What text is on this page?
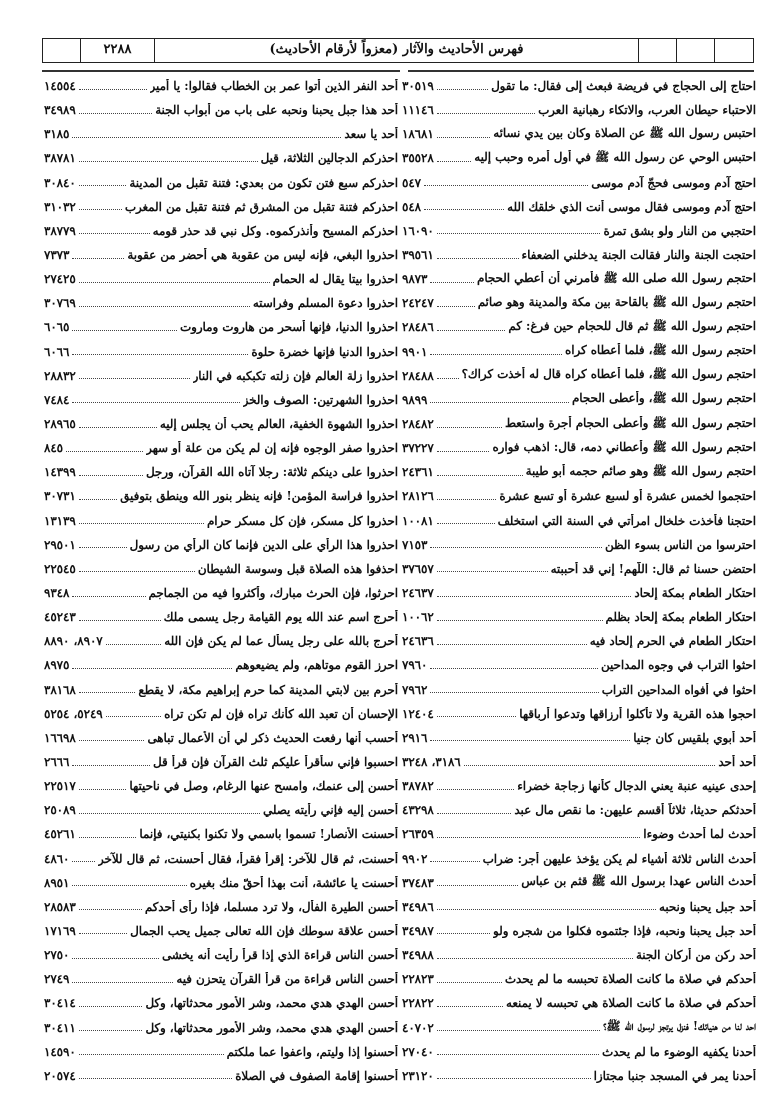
٢٢٨٨	فهرس الأحاديث والآثار (معزواً لأرقام الأحاديث)
احتاج إلى الحجاج في فريضة فبعث إلى فقال: ما تقول
٣٠٥١٩
الاحتباء حيطان العرب، والاتكاء رهبانية العرب
١١١٤٦
احتبس رسول الله ﷺ عن الصلاة وكان بين يدي نسائه
١٨٦٨١
احتبس الوحي عن رسول الله ﷺ في أول أمره وحبب إليه
٣٥٥٢٨
احتج آدم وموسى فحجّ آدم موسى
٥٤٧
احتج آدم وموسى فقال موسى أنت الذي خلقك الله
٥٤٨
احتجبي من النار ولو بشق تمرة
١٦٠٩٠
احتجت الجنة والنار فقالت الجنة يدخلني الضعفاء
٣٩٥٦١
احتجم رسول الله صلى الله ﷺ فأمرني أن أعطي الحجام
٩٨٧٣
احتجم رسول الله ﷺ بالقاحة بين مكة والمدينة وهو صائم
٢٤٢٤٧
احتجم رسول الله ﷺ ثم قال للحجام حين فرغ: كم
٢٨٤٨٦
احتجم رسول الله ﷺ، فلما أعطاه كراه
٩٩٠١
احتجم رسول الله ﷺ، فلما أعطاه كراه قال له أخذت كراك؟
٢٨٤٨٨
احتجم رسول الله ﷺ، وأعطى الحجام
٩٨٩٩
احتجم رسول الله ﷺ وأعطى الحجام أجرة واستعط
٢٨٤٨٢
احتجم رسول الله ﷺ وأعطاني دمه، قال: اذهب فواره
٣٧٢٢٧
احتجم رسول الله ﷺ وهو صائم حجمه أبو طيبة
٢٤٣٦١
احتجموا لخمس عشرة أو لسبع عشرة أو تسع عشرة
٢٨١٢٦
احتجنا فأخذت خلخال امرأتي في السنة التي استخلف
١٠٠٨١
احترسوا من الناس بسوء الظن
٧١٥٣
احتضن حسنا ثم قال: اللّهم! إني قد أحببته
٣٧٦٥٧
احتكار الطعام بمكة إلحاد
٢٤٦٣٧
احتكار الطعام بمكة إلحاد بظلم
١٠٠٦٢
احتكار الطعام في الحرم إلحاد فيه
٢٤٦٣٦
احثوا التراب في وجوه المداحين
٧٩٦٠
احثوا في أفواه المداحين التراب
٧٩٦٢
احجوا هذه القرية ولا تأكلوا أرزاقها وتدعوا أرباقها
١٢٤٠٤
أحد أبوي بلقيس كان جنيا
٢٩١٦
أحد أحد
٣١٨٦، ٣٢٤٨
إحدى عينيه عنبة يعني الدجال كأنها زجاجة خضراء
٣٨٧٨٢
أحدثكم حديثا، ثلاثاً أقسم عليهن: ما نقص مال عبد
٤٣٢٩٨
أحدث لما أحدث وضوءا
٢٦٣٥٩
أحدث الناس ثلاثة أشياء لم يكن يؤخذ عليهن أجر: ضراب
٩٩٠٢
أحدث الناس عهدا برسول الله ﷺ قثم بن عباس
٣٧٤٨٣
أحد جبل يحبنا ونحبه
٣٤٩٨٦
أحد جبل يحبنا ونحبه، فإذا جئتموه فكلوا من شجره ولو
٣٤٩٨٧
أحد ركن من أركان الجنة
٣٤٩٨٨
أحدكم في صلاة ما كانت الصلاة تحبسه ما لم يحدث
٢٢٨٢٣
أحدكم في صلاة ما كانت الصلاة هي تحبسه لا يمنعه
٢٢٨٢٢
احد لنا من هنيائك! فنزل يرتجز لرسول الله ﷺ؟
٤٠٧٠٢
أحدنا يكفيه الوضوء ما لم يحدث
٢٧٠٤٠
أحدنا يمر في المسجد جنبا مجتازا
٢٣١٢٠
أحد النفر الذين أتوا عمر بن الخطاب فقالوا: يا أمير
١٤٥٥٤
أحد هذا جبل يحبنا ونحبه على باب من أبواب الجنة
٣٤٩٨٩
أحد يا سعد
٣١٨٥
احذركم الدجالين الثلاثة، قيل
٣٨٧٨١
احذركم سبع فتن تكون من بعدي: فتنة تقبل من المدينة
٣٠٨٤٠
احذركم فتنة تقبل من المشرق ثم فتنة تقبل من المغرب
٣١٠٣٢
احذركم المسيح وأنذركموه. وكل نبي قد حذر قومه
٣٨٧٧٩
احذروا البغي، فإنه ليس من عقوبة هي أحضر من عقوبة
٧٣٧٣
احذروا بيتا يقال له الحمام
٢٧٤٢٥
احذروا دعوة المسلم وفراسته
٣٠٧٦٩
احذروا الدنيا، فإنها أسحر من هاروت وماروت
٦٠٦٥
احذروا الدنيا فإنها خضرة حلوة
٦٠٦٦
احذروا زلة العالم فإن زلته تكبكبه في النار
٢٨٨٣٢
احذروا الشهرتين: الصوف والخز
٧٤٨٤
احذروا الشهوة الخفية، العالم يحب أن يجلس إليه
٢٨٩٦٥
احذروا صفر الوجوه فإنه إن لم يكن من علة أو سهر
٨٤٥
احذروا على دينكم ثلاثة: رجلا آتاه الله القرآن، ورجل
١٤٣٩٩
احذروا فراسة المؤمن! فإنه ينظر بنور الله وينطق بتوفيق
٣٠٧٣١
احذروا كل مسكر، فإن كل مسكر حرام
١٣١٣٩
احذروا هذا الرأي على الدين فإنما كان الرأي من رسول
٢٩٥٠١
احذفوا هذه الصلاة قبل وسوسة الشيطان
٢٢٥٤٥
احرثوا، فإن الحرث مبارك، وأكثروا فيه من الجماجم
٩٣٤٨
أحرج اسم عند الله يوم القيامة رجل يسمى ملك
٤٥٢٤٣
أحرج بالله على رجل يسأل عما لم يكن فإن الله
٨٩٠٧، ٨٨٩٠
احرز القوم موتاهم، ولم يضيعوهم
٨٩٧٥
أحرم بين لابتي المدينة كما حرم إبراهيم مكة، لا يقطع
٣٨١٦٨
الإحسان أن تعبد الله كأنك تراه فإن لم تكن تراه
٥٢٤٩، ٥٢٥٤
أحسب أنها رفعت الحديث ذكر لي أن الأعمال تباهى
١٦٦٩٨
احسبوا فإني سأقرأ عليكم ثلث القرآن فإن قرأ قل
٢٦٦٦
أحسن إلى عنمك، وامسح عنها الرغام، وصل في ناحيتها
٢٢٥١٧
أحسن إليه فإني رأيته يصلي
٢٥٠٨٩
أحسنت الأنصار! تسموا باسمي ولا تكنوا بكنيتي، فإنما
٤٥٢٦١
أحسنت، ثم قال للآخر: إقرأ فقرأ، فقال أحسنت، ثم قال للآخر
٤٨٦٠
أحسنت يا عائشة، أنت بهذا أحقّ منك بغيره
٨٩٥١
أحسن الطيرة الفأل، ولا ترد مسلما، فإذا رأى أحدكم
٢٨٥٨٣
أحسن علاقة سوطك فإن الله تعالى جميل يحب الجمال
١٧١٦٩
أحسن الناس قراءة الذي إذا قرأ رأيت أنه يخشى
٢٧٥٠
أحسن الناس قراءة من قرأ القرآن يتحزن فيه
٢٧٤٩
أحسن الهدي هدي محمد، وشر الأمور محدثاتها، وكل
٣٠٤١٤
أحسن الهدي هدي محمد، وشر الأمور محدثاتها، وكل
٣٠٤١١
أحسنوا إذا وليتم، واعفوا عما ملكتم
١٤٥٩٠
أحسنوا إقامة الصفوف في الصلاة
٢٠٥٧٤
